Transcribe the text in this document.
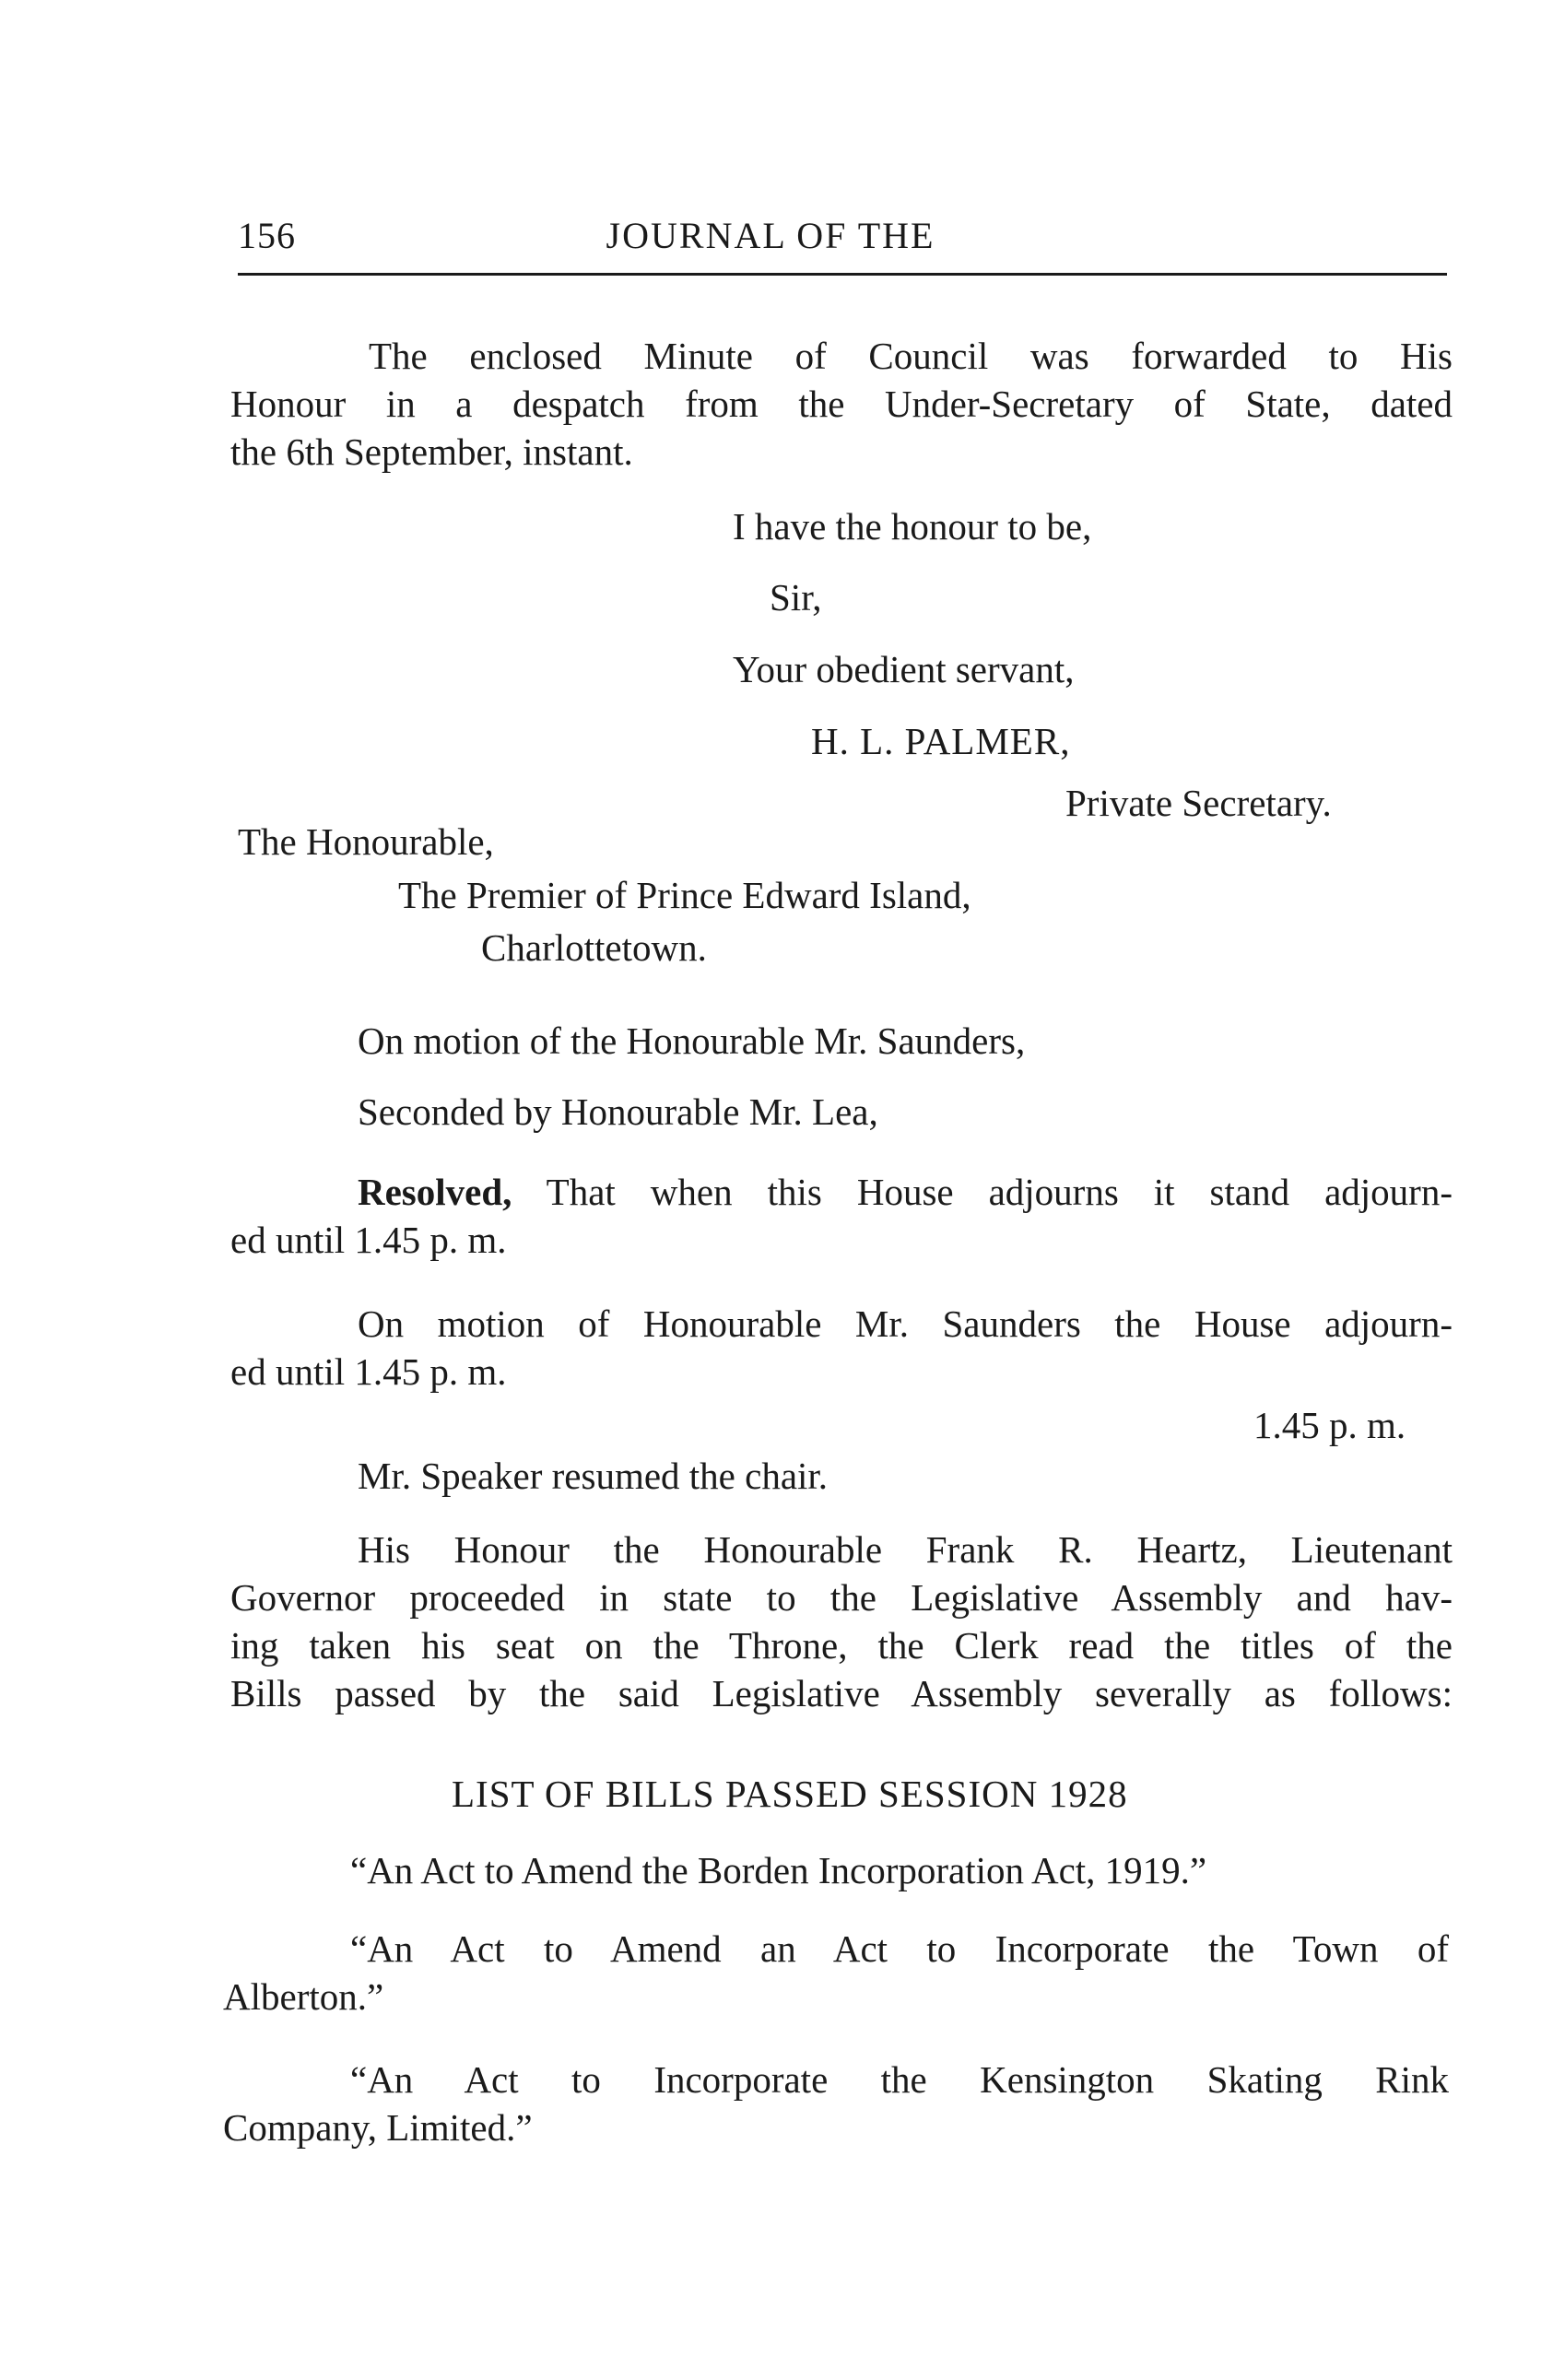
156	JOURNAL OF THE
The enclosed Minute of Council was forwarded to His
Honour in a despatch from the Under-Secretary of State, dated
the 6th September, instant.
I have the honour to be,
Sir,
Your obedient servant,
H. L. PALMER,
Private Secretary.
The Honourable,
The Premier of Prince Edward Island,
Charlottetown.
On motion of the Honourable Mr. Saunders,
Seconded by Honourable Mr. Lea,
Resolved, That when this House adjourns it stand adjourn-
ed until 1.45 p. m.
On motion of Honourable Mr. Saunders the House adjourn-
ed until 1.45 p. m.
1.45 p. m.
Mr. Speaker resumed the chair.
His Honour the Honourable Frank R. Heartz, Lieutenant
Governor proceeded in state to the Legislative Assembly and hav-
ing taken his seat on the Throne, the Clerk read the titles of the
Bills passed by the said Legislative Assembly severally as follows:
LIST OF BILLS PASSED SESSION 1928
“An Act to Amend the Borden Incorporation Act, 1919.”
“An Act to Amend an Act to Incorporate the Town of
Alberton.”
“An Act to Incorporate the Kensington Skating Rink
Company, Limited.”
